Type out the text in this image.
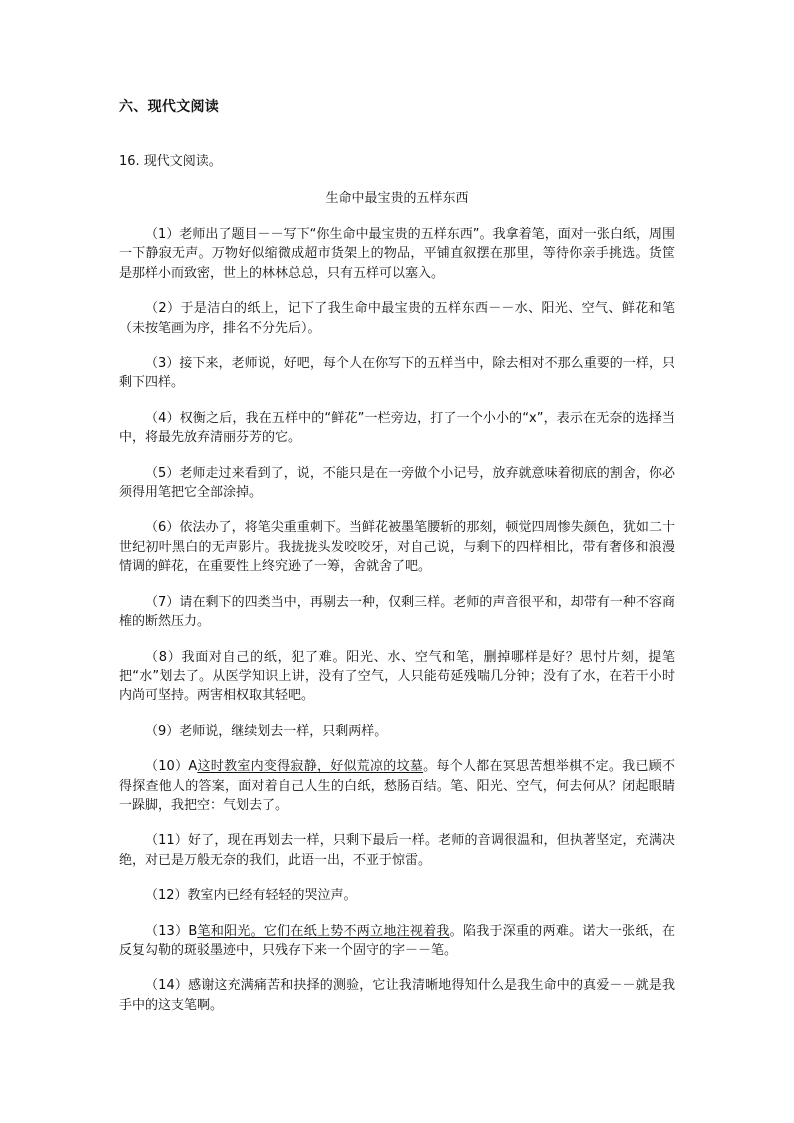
六、现代文阅读
16. 现代文阅读。
生命中最宝贵的五样东西

（1）老师出了题目－－写下“你生命中最宝贵的五样东西”。我拿着笔，面对一张白纸，周围一下静寂无声。万物好似缩微成超市货架上的物品，平铺直叙摆在那里，等待你亲手挑选。货筐是那样小而致密，世上的林林总总，只有五样可以塞入。

（2）于是洁白的纸上，记下了我生命中最宝贵的五样东西－－水、阳光、空气、鲜花和笔（未按笔画为序，排名不分先后）。

（3）接下来，老师说，好吧，每个人在你写下的五样当中，除去相对不那么重要的一样，只剩下四样。

（4）权衡之后，我在五样中的“鲜花”一栏旁边，打了一个小小的“x”，表示在无奈的选择当中，将最先放弃清丽芬芳的它。

（5）老师走过来看到了，说，不能只是在一旁做个小记号，放弃就意味着彻底的割舍，你必须得用笔把它全部涂掉。

（6）依法办了，将笔尖重重刺下。当鲜花被墨笔腰斩的那刻，顿觉四周惨失颜色，犹如二十世纪初叶黑白的无声影片。我拢拢头发咬咬牙，对自己说，与剩下的四样相比，带有奢侈和浪漫情调的鲜花，在重要性上终究逊了一筹，舍就舍了吧。

（7）请在剩下的四类当中，再剔去一种，仅剩三样。老师的声音很平和，却带有一种不容商榷的断然压力。

（8）我面对自己的纸，犯了难。阳光、水、空气和笔，删掉哪样是好？思忖片刻，提笔把“水”划去了。从医学知识上讲，没有了空气，人只能苟延残喘几分钟；没有了水，在若干小时内尚可坚持。两害相权取其轻吧。

（9）老师说，继续划去一样，只剩两样。

（10）A这时教室内变得寂静，好似荒凉的坟墓。每个人都在冥思苦想举棋不定。我已顾不得探查他人的答案，面对着自己人生的白纸，愁肠百结。笔、阳光、空气，何去何从？闭起眼睛一跺脚，我把空：气划去了。

（11）好了，现在再划去一样，只剩下最后一样。老师的音调很温和，但执著坚定，充满决绝，对已是万般无奈的我们，此语一出，不亚于惊雷。

（12）教室内已经有轻轻的哭泣声。

（13）B笔和阳光。它们在纸上势不两立地注视着我。陷我于深重的两难。诺大一张纸，在反复勾勒的斑驳墨迹中，只残存下来一个固守的字－－笔。

（14）感谢这充满痛苦和抉择的测验，它让我清晰地得知什么是我生命中的真爱－－就是我手中的这支笔啊。
